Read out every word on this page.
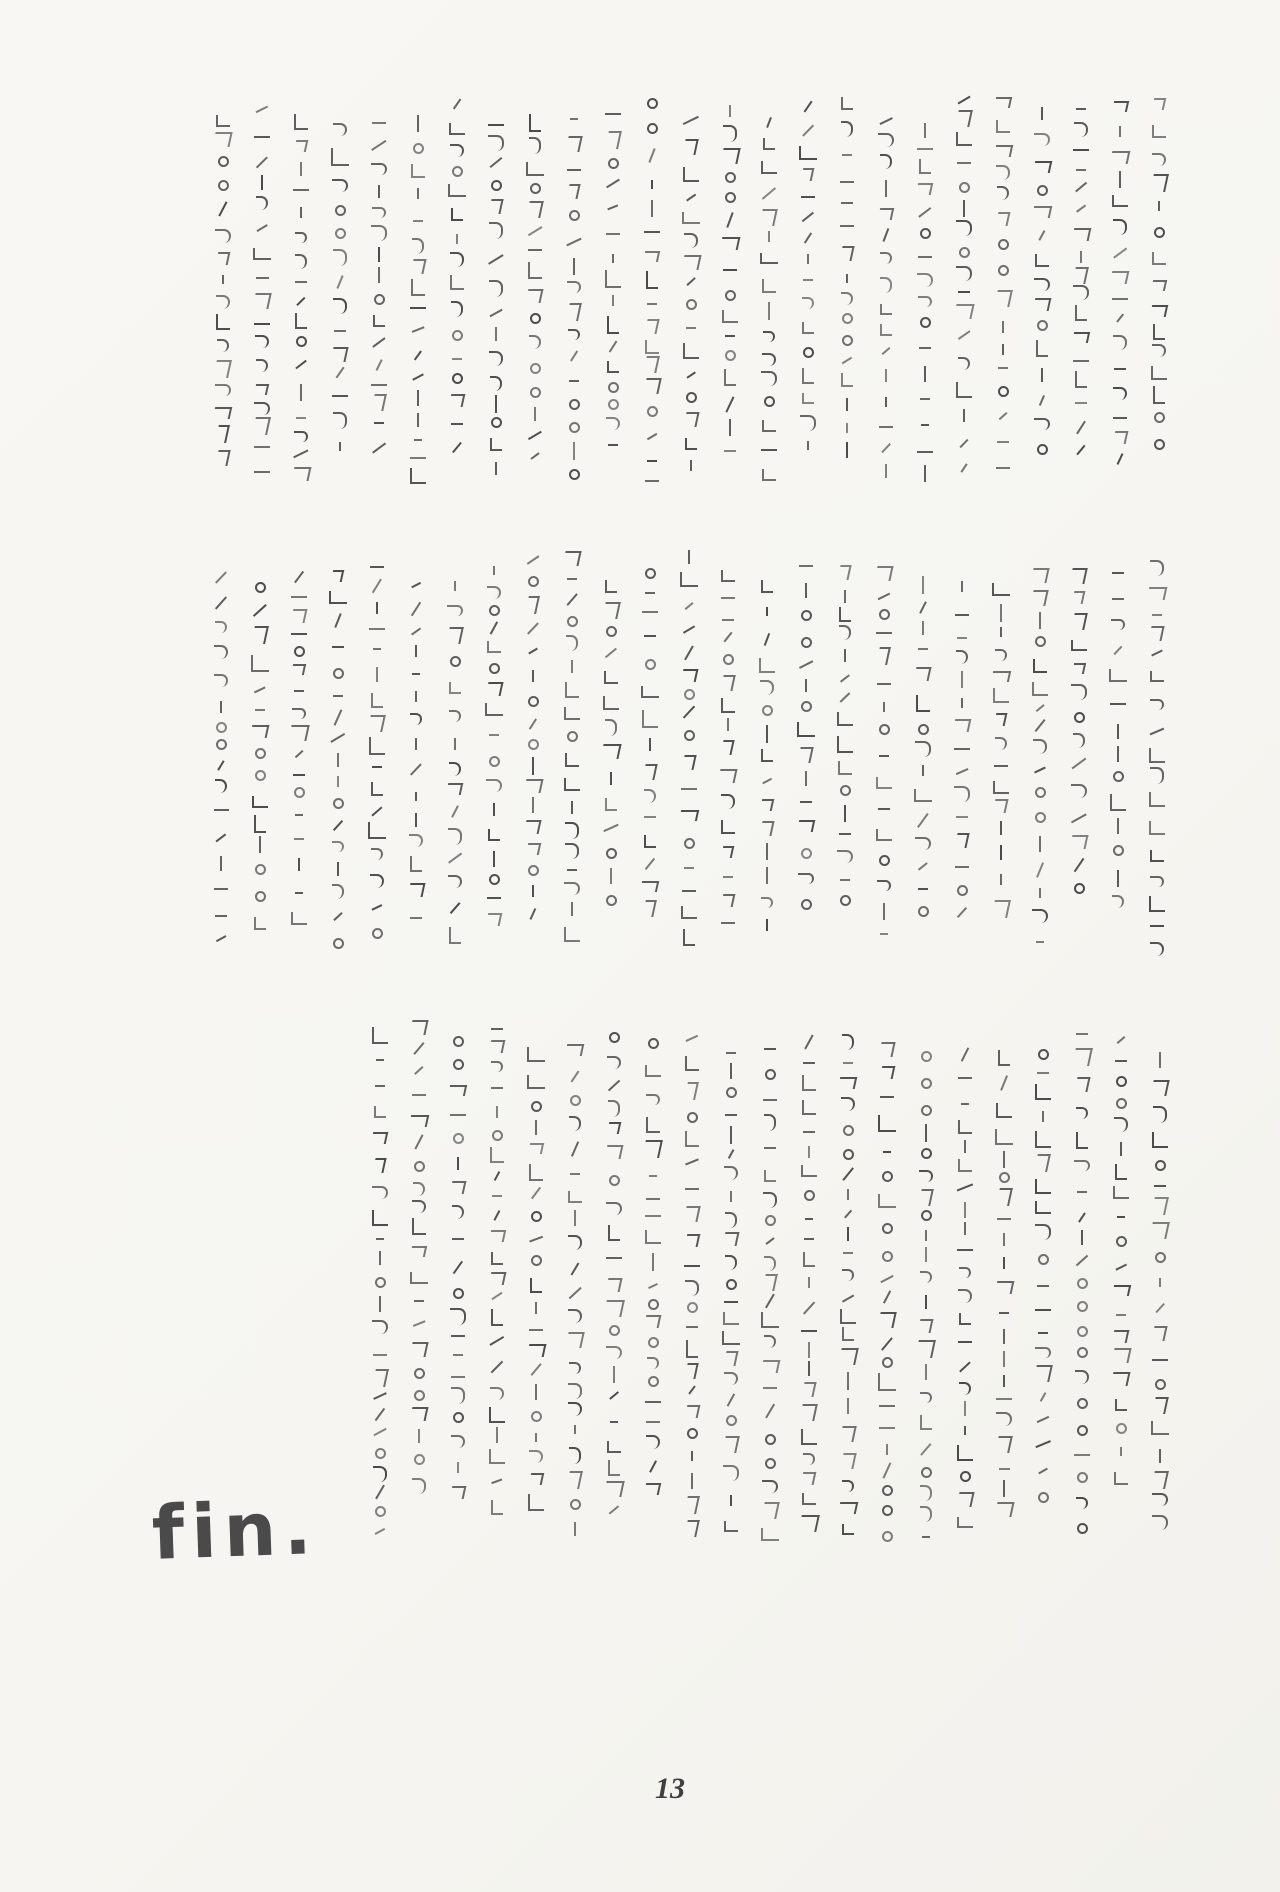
fin.
13
